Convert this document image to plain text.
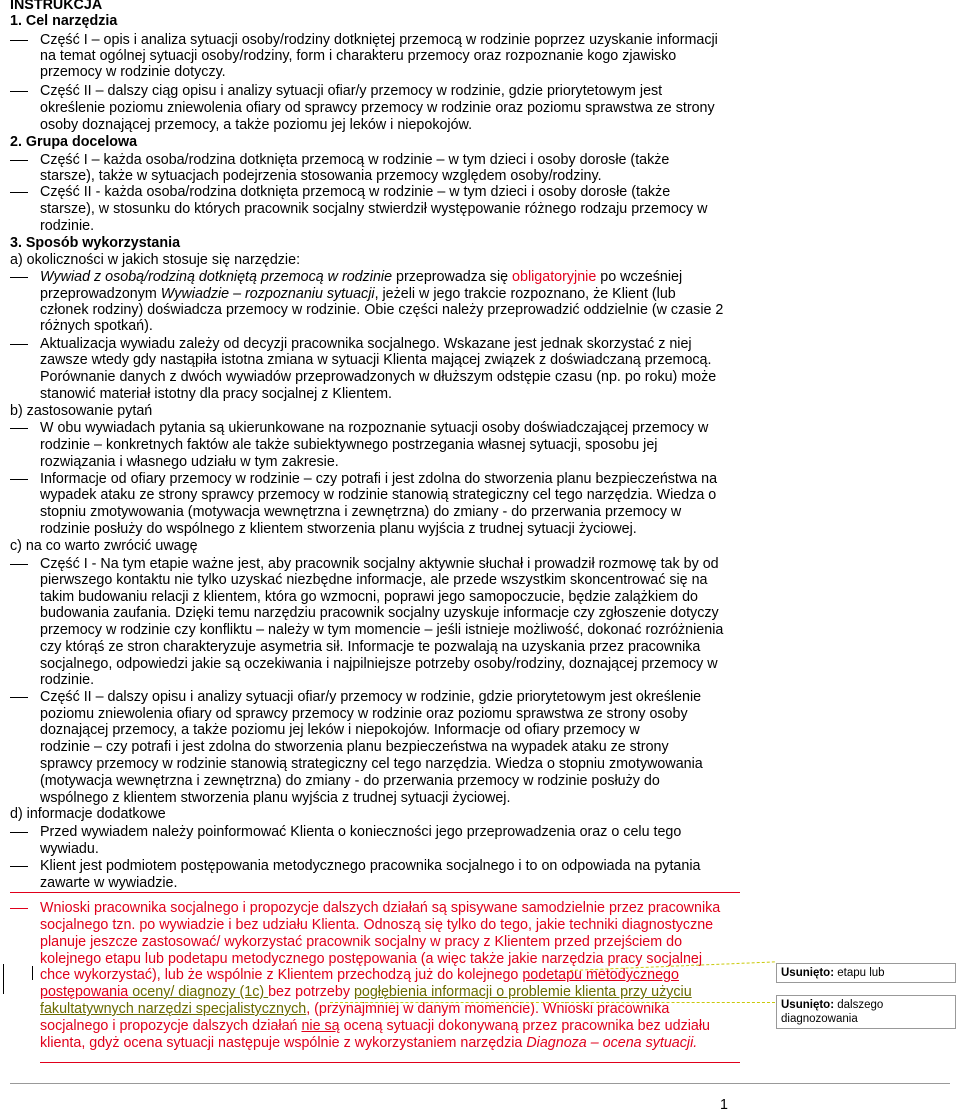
INSTRUKCJA
1. Cel narzędzia
Część I – opis i analiza sytuacji osoby/rodziny dotkniętej przemocą w rodzinie poprzez uzyskanie informacji
na temat ogólnej sytuacji osoby/rodziny, form i charakteru przemocy oraz rozpoznanie kogo zjawisko
przemocy w rodzinie dotyczy.
Część II – dalszy ciąg opisu i analizy sytuacji ofiar/y przemocy w rodzinie, gdzie priorytetowym jest
określenie poziomu zniewolenia ofiary od sprawcy przemocy w rodzinie oraz poziomu sprawstwa ze strony
osoby doznającej przemocy, a także poziomu jej leków i niepokojów.
2. Grupa docelowa
Część I – każda osoba/rodzina dotknięta przemocą w rodzinie – w tym dzieci i osoby dorosłe (także
starsze), także w sytuacjach podejrzenia stosowania przemocy względem osoby/rodziny.
Część II - każda osoba/rodzina dotknięta przemocą w rodzinie – w tym dzieci i osoby dorosłe (także
starsze), w stosunku do których pracownik socjalny stwierdził występowanie różnego rodzaju przemocy w
rodzinie.
3. Sposób wykorzystania
a) okoliczności w jakich stosuje się narzędzie:
Wywiad z osobą/rodziną dotkniętą przemocą w rodzinie przeprowadza się obligatoryjnie po wcześniej
przeprowadzonym Wywiadzie – rozpoznaniu sytuacji, jeżeli w jego trakcie rozpoznano, że Klient (lub
członek rodziny) doświadcza przemocy w rodzinie. Obie części należy przeprowadzić oddzielnie (w czasie 2
różnych spotkań).
Aktualizacja wywiadu zależy od decyzji pracownika socjalnego. Wskazane jest jednak skorzystać z niej
zawsze wtedy gdy nastąpiła istotna zmiana w sytuacji Klienta mającej związek z doświadczaną przemocą.
Porównanie danych z dwóch wywiadów przeprowadzonych w dłuższym odstępie czasu (np. po roku) może
stanowić materiał istotny dla pracy socjalnej z Klientem.
b) zastosowanie pytań
W obu wywiadach pytania są ukierunkowane na rozpoznanie sytuacji osoby doświadczającej przemocy w
rodzinie – konkretnych faktów ale także subiektywnego postrzegania własnej sytuacji, sposobu jej
rozwiązania i własnego udziału w tym zakresie.
Informacje od ofiary przemocy w rodzinie – czy potrafi i jest zdolna do stworzenia planu bezpieczeństwa na
wypadek ataku ze strony sprawcy przemocy w rodzinie stanowią strategiczny cel tego narzędzia. Wiedza o
stopniu zmotywowania (motywacja wewnętrzna i zewnętrzna) do zmiany - do przerwania przemocy w
rodzinie posłuży do wspólnego z klientem stworzenia planu wyjścia z trudnej sytuacji życiowej.
c) na co warto zwrócić uwagę
Część I - Na tym etapie ważne jest, aby pracownik socjalny aktywnie słuchał i prowadził rozmowę tak by od
pierwszego kontaktu nie tylko uzyskać niezbędne informacje, ale przede wszystkim skoncentrować się na
takim budowaniu relacji z klientem, która go wzmocni, poprawi jego samopoczucie, będzie zalążkiem do
budowania zaufania. Dzięki temu narzędziu pracownik socjalny uzyskuje informacje czy zgłoszenie dotyczy
przemocy w rodzinie czy konfliktu – należy w tym momencie – jeśli istnieje możliwość, dokonać rozróżnienia
czy którąś ze stron charakteryzuje asymetria sił. Informacje te pozwalają na uzyskania przez pracownika
socjalnego, odpowiedzi jakie są oczekiwania i najpilniejsze potrzeby osoby/rodziny, doznającej przemocy w
rodzinie.
Część II – dalszy opisu i analizy sytuacji ofiar/y przemocy w rodzinie, gdzie priorytetowym jest określenie
poziomu zniewolenia ofiary od sprawcy przemocy w rodzinie oraz poziomu sprawstwa ze strony osoby
doznającej przemocy, a także poziomu jej leków i niepokojów. Informacje od ofiary przemocy w
rodzinie – czy potrafi i jest zdolna do stworzenia planu bezpieczeństwa na wypadek ataku ze strony
sprawcy przemocy w rodzinie stanowią strategiczny cel tego narzędzia. Wiedza o stopniu zmotywowania
(motywacja wewnętrzna i zewnętrzna) do zmiany - do przerwania przemocy w rodzinie posłuży do
wspólnego z klientem stworzenia planu wyjścia z trudnej sytuacji życiowej.
d) informacje dodatkowe
Przed wywiadem należy poinformować Klienta o konieczności jego przeprowadzenia oraz o celu tego
wywiadu.
Klient jest podmiotem postępowania metodycznego pracownika socjalnego i to on odpowiada na pytania
zawarte w wywiadzie.
Wnioski pracownika socjalnego i propozycje dalszych działań są spisywane samodzielnie przez pracownika
socjalnego tzn. po wywiadzie i bez udziału Klienta. Odnoszą się tylko do tego, jakie techniki diagnostyczne
planuje jeszcze zastosować/ wykorzystać pracownik socjalny w pracy z Klientem przed przejściem do
kolejnego etapu lub podetapu metodycznego postępowania (a więc także jakie narzędzia pracy socjalnej
chce wykorzystać), lub że wspólnie z Klientem przechodzą już do kolejnego podetapu metodycznego
postępowania oceny/ diagnozy (1c) bez potrzeby pogłębienia informacji o problemie klienta przy użyciu
fakultatywnych narzędzi specjalistycznych, (przynajmniej w danym momencie). Wnioski pracownika
socjalnego i propozycje dalszych działań nie są oceną sytuacji dokonywaną przez pracownika bez udziału
klienta, gdyż ocena sytuacji następuje wspólnie z wykorzystaniem narzędzia Diagnoza – ocena sytuacji.
Usunięto: etapu lub
Usunięto: dalszego diagnozowania
1
